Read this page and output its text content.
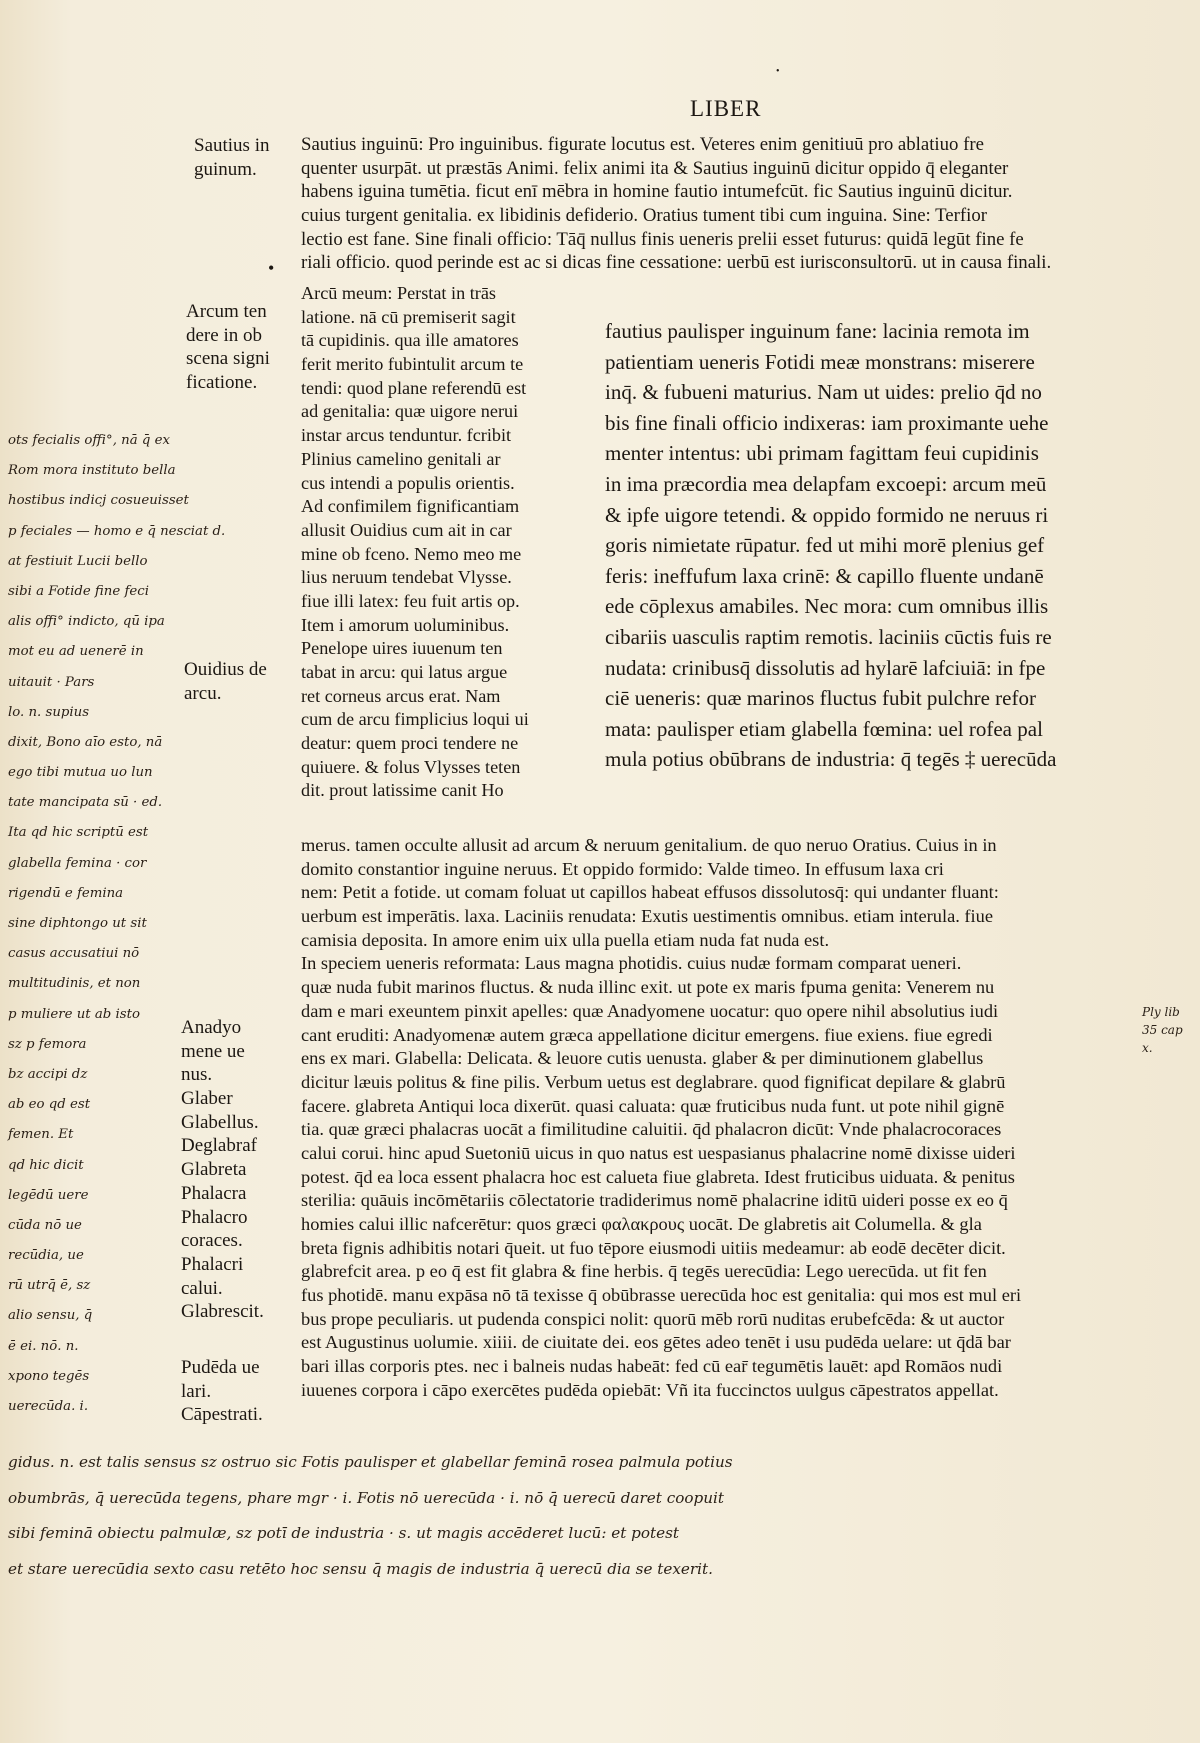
LIBER
Sautius in
guinum.
Arcum ten
dere in ob
scena signi
ficatione.
Ouidius de
arcu.
Anadyo
mene ue
nus.
Glaber
Glabellus.
Deglabraf
Glabreta
Phalacra
Phalacro
coraces.
Phalacri
calui.
Glabrescit.
Pudēda ue
lari.
Cāpestrati.
Sautius inguinū: Pro inguinibus. figurate locutus est. Veteres enim genitiuū pro ablatiuo fre
quenter usurpāt. ut præstās Animi. felix animi ita & Sautius inguinū dicitur oppido q̄ eleganter
habens iguina tumētia. ficut enī mēbra in homine fautio intumefcūt. fic Sautius inguinū dicitur.
cuius turgent genitalia. ex libidinis defiderio. Oratius tument tibi cum inguina. Sine: Terfior
lectio est fane. Sine finali officio: Tāq̄ nullus finis ueneris prelii esset futurus: quidā legūt fine fe
riali officio. quod perinde est ac si dicas fine cessatione: uerbū est iurisconsultorū. ut in causa finali.
Arcū meum: Perstat in trās
latione. nā cū premiserit sagit
tā cupidinis. qua ille amatores
ferit merito fubintulit arcum te
tendi: quod plane referendū est
ad genitalia: quæ uigore nerui
instar arcus tenduntur. fcribit
Plinius camelino genitali ar
cus intendi a populis orientis.
Ad confimilem fignificantiam
allusit Ouidius cum ait in car
mine ob fceno. Nemo meo me
lius neruum tendebat Vlysse.
fiue illi latex: feu fuit artis op.
Item i amorum uoluminibus.
Penelope uires iuuenum ten
tabat in arcu: qui latus argue
ret corneus arcus erat. Nam
cum de arcu fimplicius loqui ui
deatur: quem proci tendere ne
quiuere. & folus Vlysses teten
dit. prout latissime canit Ho
fautius paulisper inguinum fane: lacinia remota im
patientiam ueneris Fotidi meæ monstrans: miserere
inq̄. & fubueni maturius. Nam ut uides: prelio q̄d no
bis fine finali officio indixeras: iam proximante uehe
menter intentus: ubi primam fagittam feui cupidinis
in ima præcordia mea delapfam excoepi: arcum meū
& ipfe uigore tetendi. & oppido formido ne neruus ri
goris nimietate rūpatur. fed ut mihi morē plenius gef
feris: ineffufum laxa crinē: & capillo fluente undanē
ede cōplexus amabiles. Nec mora: cum omnibus illis
cibariis uasculis raptim remotis. laciniis cūctis fuis re
nudata: crinibusq̄ dissolutis ad hylarē lafciuiā: in fpe
ciē ueneris: quæ marinos fluctus fubit pulchre refor
mata: paulisper etiam glabella fœmina: uel rofea pal
mula potius obūbrans de industria: q̄ tegēs ‡ uerecūda
merus. tamen occulte allusit ad arcum & neruum genitalium. de quo neruo Oratius. Cuius in in
domito constantior inguine neruus. Et oppido formido: Valde timeo. In effusum laxa cri
nem: Petit a fotide. ut comam foluat ut capillos habeat effusos dissolutosq̄: qui undanter fluant:
uerbum est imperātis. laxa. Laciniis renudata: Exutis uestimentis omnibus. etiam interula. fiue
camisia deposita. In amore enim uix ulla puella etiam nuda fat nuda est.
In speciem ueneris reformata: Laus magna photidis. cuius nudæ formam comparat ueneri.
quæ nuda fubit marinos fluctus. & nuda illinc exit. ut pote ex maris fpuma genita: Venerem nu
dam e mari exeuntem pinxit apelles: quæ Anadyomene uocatur: quo opere nihil absolutius iudi
cant eruditi: Anadyomenæ autem græca appellatione dicitur emergens. fiue exiens. fiue egredi
ens ex mari. Glabella: Delicata. & leuore cutis uenusta. glaber & per diminutionem glabellus
dicitur læuis politus & fine pilis. Verbum uetus est deglabrare. quod fignificat depilare & glabrū
facere. glabreta Antiqui loca dixerūt. quasi caluata: quæ fruticibus nuda funt. ut pote nihil gignē
tia. quæ græci phalacras uocāt a fimilitudine caluitii. q̄d phalacron dicūt: Vnde phalacrocoraces
calui corui. hinc apud Suetoniū uicus in quo natus est uespasianus phalacrine nomē dixisse uideri
potest. q̄d ea loca essent phalacra hoc est calueta fiue glabreta. Idest fruticibus uiduata. & penitus
sterilia: quāuis incōmētariis cōlectatorie tradiderimus nomē phalacrine iditū uideri posse ex eo q̄
homies calui illic nafcerētur: quos græci φαλακρους uocāt. De glabretis ait Columella. & gla
breta fignis adhibitis notari q̄ueit. ut fuo tēpore eiusmodi uitiis medeamur: ab eodē decēter dicit.
glabrefcit area. p eo q̄ est fit glabra & fine herbis. q̄ tegēs uerecūdia: Lego uerecūda. ut fit fen
fus photidē. manu expāsa nō tā texisse q̄ obūbrasse uerecūda hoc est genitalia: qui mos est mul eri
bus prope peculiaris. ut pudenda conspici nolit: quorū mēb rorū nuditas erubefcēda: & ut auctor
est Augustinus uolumie. xiiii. de ciuitate dei. eos gētes adeo tenēt i usu pudēda uelare: ut q̄dā bar
bari illas corporis ptes. nec i balneis nudas habeāt: fed cū ear̄ tegumētis lauēt: apd Romāos nudi
iuuenes corpora i cāpo exercētes pudēda opiebāt: Vñ ita fuccinctos uulgus cāpestratos appellat.
ots fecialis offi°, nā q̄ ex
Rom mora instituto bella
hostibus indicj cosueuisset
p feciales — homo e q̄ nesciat d.
at festiuit Lucii bello
sibi a Fotide fine feci
alis offi° indicto, qū ipa
mot eu ad uenerē in
uitauit · Pars
lo. n. supius
dixit, Bono aīo esto, nā
ego tibi mutua uo lun
tate mancipata sū · ed.
Ita qd hic scriptū est
glabella femina · cor
rigendū e femina
sine diphtongo ut sit
casus accusatiui nō
multitudinis, et non
p muliere ut ab isto
sz p femora
bz accipi dz
ab eo qd est
femen. Et
qd hic dicit
legēdū uere
cūda nō ue
recūdia, ue
rū utrq̄ ē, sz
alio sensu, q̄
ē ei. nō. n.
xpono tegēs
uerecūda. i.
gidus. n. est talis sensus sz ostruo sic Fotis paulisper et glabellar feminā rosea palmula potius
obumbrās, q̄ uerecūda tegens, phare mgr · i. Fotis nō uerecūda · i. nō q̄ uerecū daret coopuit
sibi feminā obiectu palmulæ, sz potī de industria · s. ut magis accēderet lucū: et potest
et stare uerecūdia sexto casu retēto hoc sensu q̄ magis de industria q̄ uerecū dia se texerit.
Ply lib
35 cap
x.
•
•
